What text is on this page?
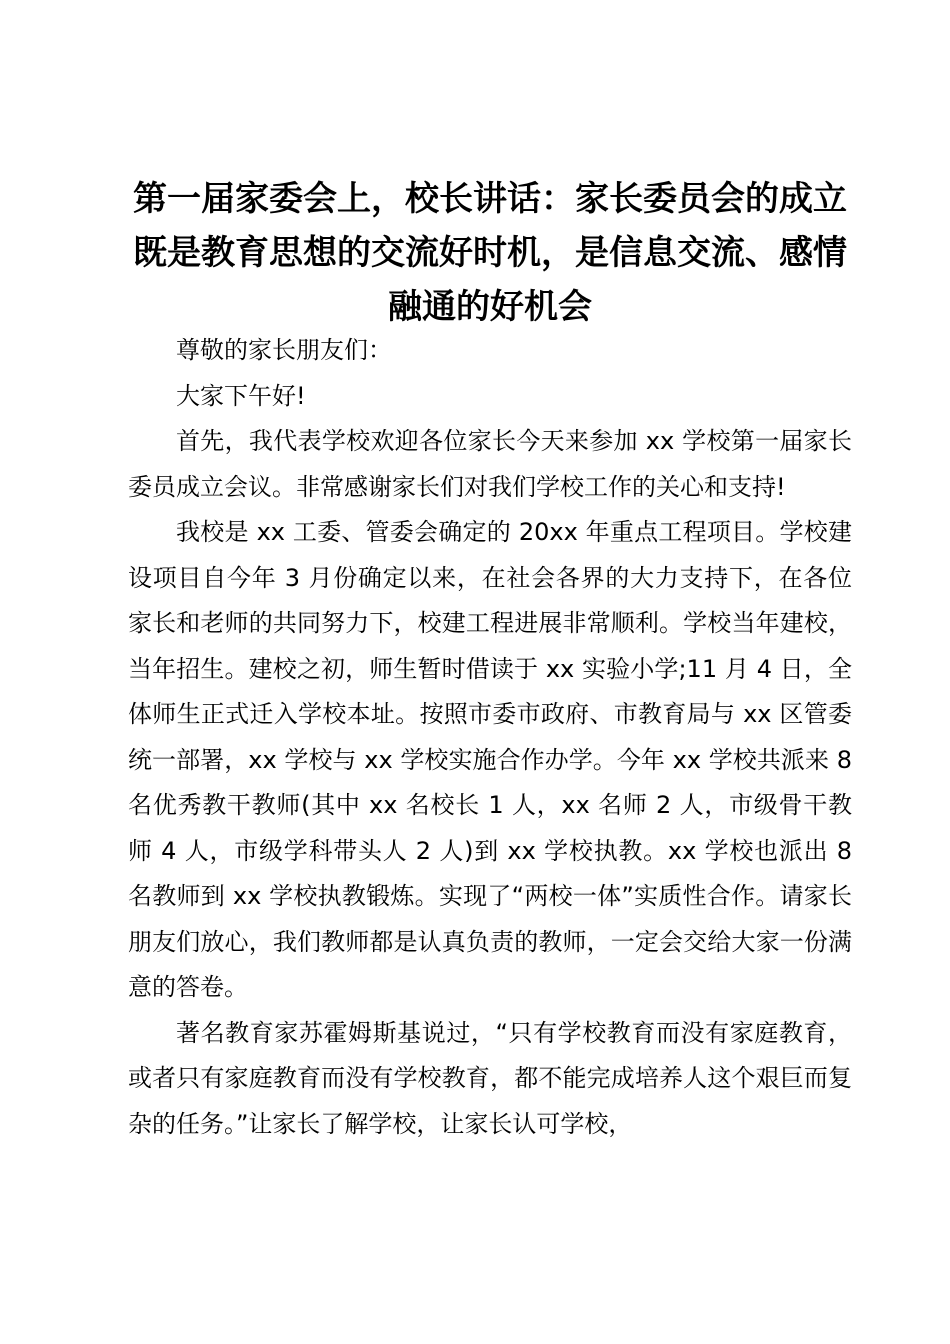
第一届家委会上，校长讲话：家长委员会的成立既是教育思想的交流好时机，是信息交流、感情融通的好机会

尊敬的家长朋友们：

大家下午好!

首先，我代表学校欢迎各位家长今天来参加 xx 学校第一届家长委员成立会议。非常感谢家长们对我们学校工作的关心和支持!

我校是 xx 工委、管委会确定的 20xx 年重点工程项目。学校建设项目自今年 3 月份确定以来，在社会各界的大力支持下，在各位家长和老师的共同努力下，校建工程进展非常顺利。学校当年建校，当年招生。建校之初，师生暂时借读于 xx 实验小学;11 月 4 日，全体师生正式迁入学校本址。按照市委市政府、市教育局与 xx 区管委统一部署，xx 学校与 xx 学校实施合作办学。今年 xx 学校共派来 8 名优秀教干教师(其中 xx 名校长 1 人，xx 名师 2 人，市级骨干教师 4 人，市级学科带头人 2 人)到 xx 学校执教。xx 学校也派出 8 名教师到 xx 学校执教锻炼。实现了“两校一体”实质性合作。请家长朋友们放心，我们教师都是认真负责的教师，一定会交给大家一份满意的答卷。

著名教育家苏霍姆斯基说过，“只有学校教育而没有家庭教育，或者只有家庭教育而没有学校教育，都不能完成培养人这个艰巨而复杂的任务。”让家长了解学校，让家长认可学校，
